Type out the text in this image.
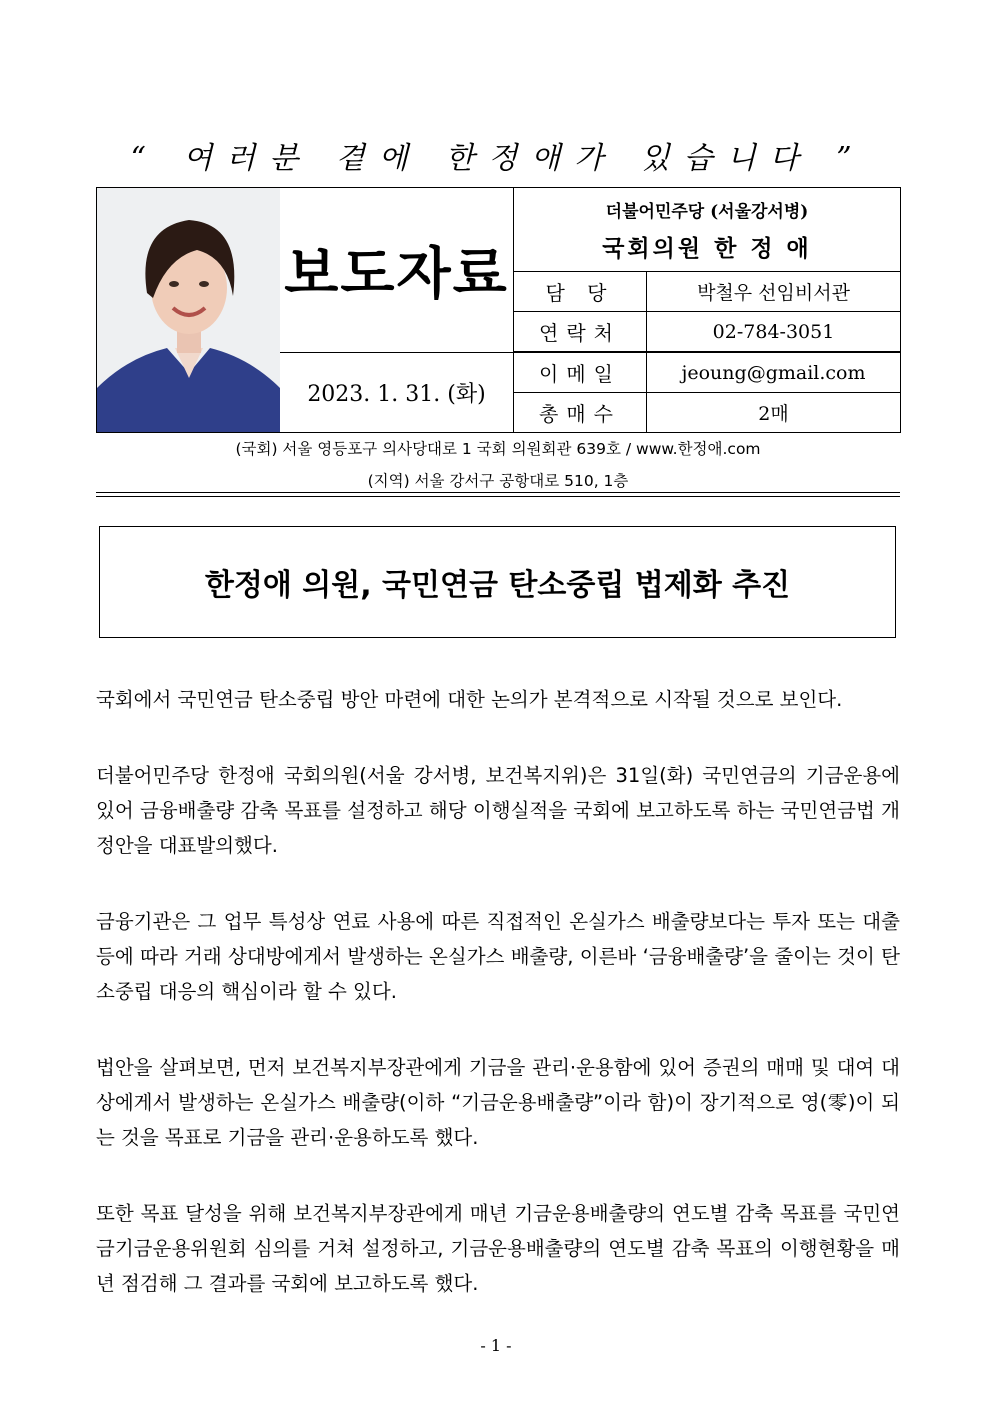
“ 여러분 곁에 한정애가 있습니다 ”
	보도자료	더불어민주당 (서울강서병)
국회의원 한 정 애	

		담 당	박철우 선임비서관
		연락처	02-784-3051

	2023. 1. 31. (화)	이메일	jeoung@gmail.com
		총매수	2매
(국회) 서울 영등포구 의사당대로 1 국회 의원회관 639호 / www.한정애.com
(지역) 서울 강서구 공항대로 510, 1층
한정애 의원, 국민연금 탄소중립 법제화 추진

국회에서 국민연금 탄소중립 방안 마련에 대한 논의가 본격적으로 시작될 것으로 보인다.

더불어민주당 한정애 국회의원(서울 강서병, 보건복지위)은 31일(화) 국민연금의 기금운용에 있어 금융배출량 감축 목표를 설정하고 해당 이행실적을 국회에 보고하도록 하는 국민연금법 개정안을 대표발의했다.

금융기관은 그 업무 특성상 연료 사용에 따른 직접적인 온실가스 배출량보다는 투자 또는 대출 등에 따라 거래 상대방에게서 발생하는 온실가스 배출량, 이른바 ‘금융배출량’을 줄이는 것이 탄소중립 대응의 핵심이라 할 수 있다.

법안을 살펴보면, 먼저 보건복지부장관에게 기금을 관리·운용함에 있어 증권의 매매 및 대여 대상에게서 발생하는 온실가스 배출량(이하 “기금운용배출량”이라 함)이 장기적으로 영(零)이 되는 것을 목표로 기금을 관리·운용하도록 했다.

또한 목표 달성을 위해 보건복지부장관에게 매년 기금운용배출량의 연도별 감축 목표를 국민연금기금운용위원회 심의를 거쳐 설정하고, 기금운용배출량의 연도별 감축 목표의 이행현황을 매년 점검해 그 결과를 국회에 보고하도록 했다.

- 1 -
